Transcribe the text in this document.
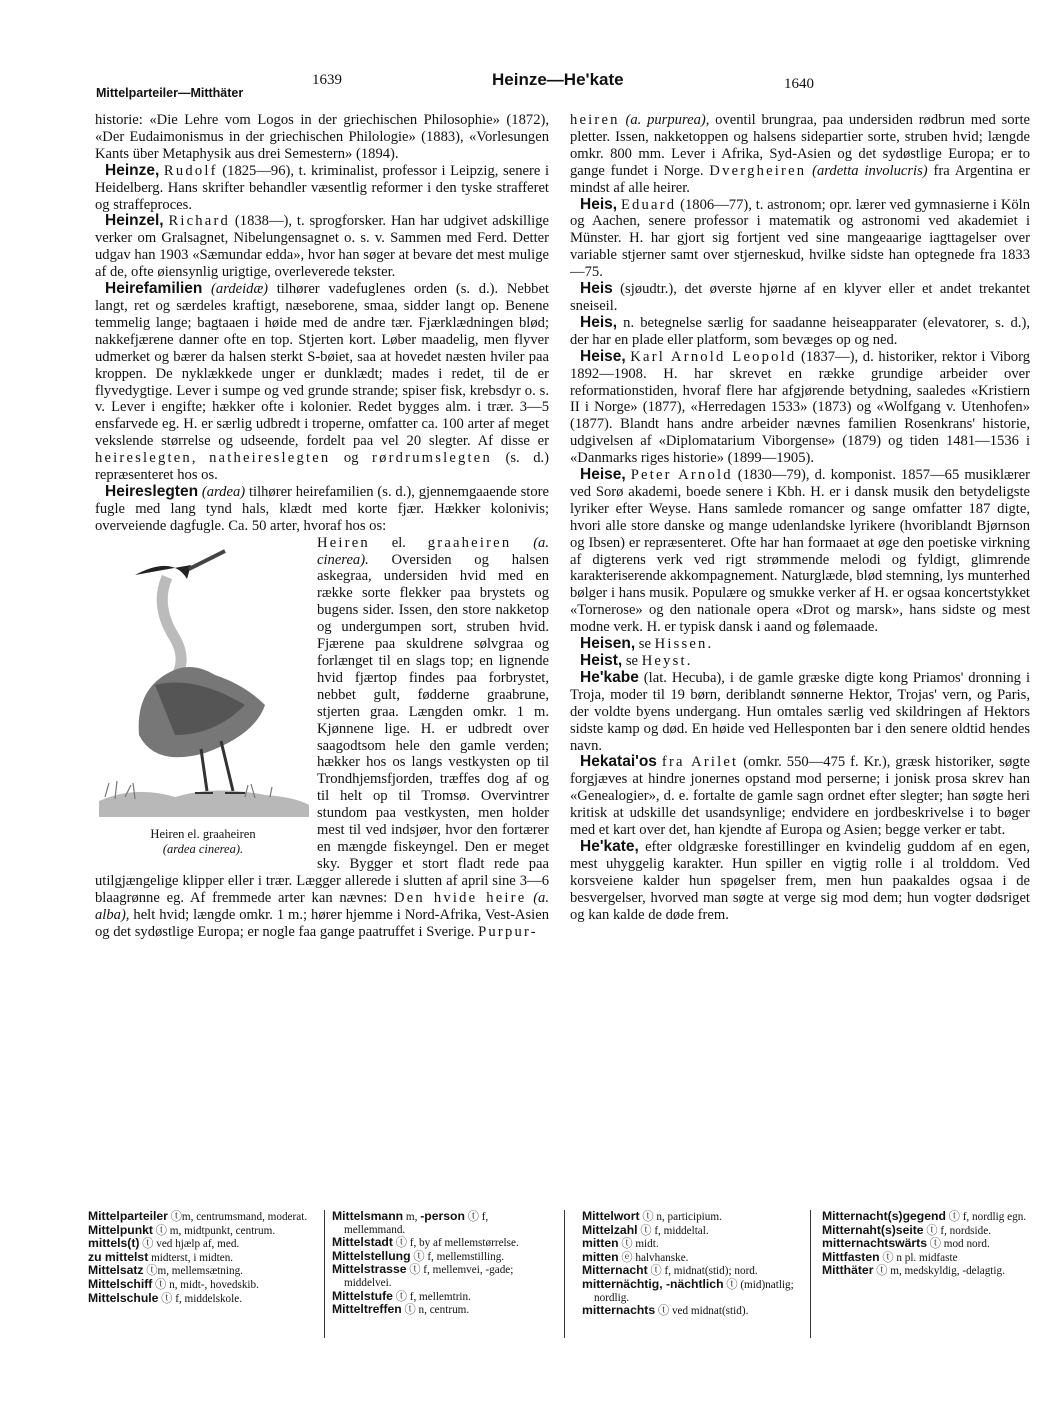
Mittelparteiler—Mitthäter
1639	Heinze—He'kate	1640

historie: «Die Lehre vom Logos in der griechischen Philosophie» (1872), «Der Eudaimonismus in der griechischen Philologie» (1883), «Vorlesungen Kants über Metaphysik aus drei Semestern» (1894).

Heinze, Rudolf (1825—96), t. kriminalist, professor i Leipzig, senere i Heidelberg. Hans skrifter behandler væsentlig reformer i den tyske strafferet og straffeproces.

Heinzel, Richard (1838—), t. sprogforsker. Han har udgivet adskillige verker om Gralsagnet, Nibelungensagnet o. s. v. Sammen med Ferd. Detter udgav han 1903 «Sæmundar edda», hvor han søger at bevare det mest mulige af de, ofte øiensynlig urigtige, overleverede tekster.

Heirefamilien (ardeidæ) tilhører vadefuglenes orden (s. d.). Nebbet langt, ret og særdeles kraftigt, næseborene, smaa, sidder langt op. Benene temmelig lange; bagtaaen i høide med de andre tær. Fjærklædningen blød; nakkefjærene danner ofte en top. Stjerten kort. Løber maadelig, men flyver udmerket og bærer da halsen sterkt S-bøiet, saa at hovedet næsten hviler paa kroppen. De nyklækkede unger er dunklædt; mades i redet, til de er flyvedygtige. Lever i sumpe og ved grunde strande; spiser fisk, krebsdyr o. s. v. Lever i engifte; hækker ofte i kolonier. Redet bygges alm. i trær. 3—5 ensfarvede eg. H. er særlig udbredt i troperne, omfatter ca. 100 arter af meget vekslende størrelse og udseende, fordelt paa vel 20 slegter. Af disse er heireslegten, natheireslegten og rørdrumslegten (s. d.) repræsenteret hos os.

Heireslegten (ardea) tilhører heirefamilien (s. d.), gjennemgaaende store fugle med lang tynd hals, klædt med korte fjær. Hækker kolonivis; overveiende dagfugle. Ca. 50 arter, hvoraf hos os:

Heiren el. graaheiren
(ardea cinerea).

Heiren el. graaheiren (a. cinerea). Oversiden og halsen askegraa, undersiden hvid med en række sorte flekker paa brystets og bugens sider. Issen, den store nakketop og undergumpen sort, struben hvid. Fjærene paa skuldrene sølvgraa og forlænget til en slags top; en lignende hvid fjærtop findes paa forbrystet, nebbet gult, fødderne graabrune, stjerten graa. Længden omkr. 1 m. Kjønnene lige. H. er udbredt over saagodtsom hele den gamle verden; hækker hos os langs vestkysten op til Trondhjemsfjorden, træffes dog af og til helt op til Tromsø. Overvintrer stundom paa vestkysten, men holder mest til ved indsjøer, hvor den fortærer en mængde fiskeyngel. Den er meget sky. Bygger et stort fladt rede paa utilgjængelige klipper eller i trær. Lægger allerede i slutten af april sine 3—6 blaagrønne eg. Af fremmede arter kan nævnes: Den hvide heire (a. alba), helt hvid; længde omkr. 1 m.; hører hjemme i Nord-Afrika, Vest-Asien og det sydøstlige Europa; er nogle faa gange paatruffet i Sverige. Purpur-

heiren (a. purpurea), oventil brungraa, paa undersiden rødbrun med sorte pletter. Issen, nakketoppen og halsens sidepartier sorte, struben hvid; længde omkr. 800 mm. Lever i Afrika, Syd-Asien og det sydøstlige Europa; er to gange fundet i Norge. Dvergheiren (ardetta involucris) fra Argentina er mindst af alle heirer.

Heis, Eduard (1806—77), t. astronom; opr. lærer ved gymnasierne i Köln og Aachen, senere professor i matematik og astronomi ved akademiet i Münster. H. har gjort sig fortjent ved sine mangeaarige iagttagelser over variable stjerner samt over stjerneskud, hvilke sidste han optegnede fra 1833—75.

Heis (sjøudtr.), det øverste hjørne af en klyver eller et andet trekantet sneiseil.

Heis, n. betegnelse særlig for saadanne heiseapparater (elevatorer, s. d.), der har en plade eller platform, som bevæges op og ned.

Heise, Karl Arnold Leopold (1837—), d. historiker, rektor i Viborg 1892—1908. H. har skrevet en række grundige arbeider over reformationstiden, hvoraf flere har afgjørende betydning, saaledes «Kristiern II i Norge» (1877), «Herredagen 1533» (1873) og «Wolfgang v. Utenhofen» (1877). Blandt hans andre arbeider nævnes familien Rosenkrans' historie, udgivelsen af «Diplomatarium Viborgense» (1879) og tiden 1481—1536 i «Danmarks riges historie» (1899—1905).

Heise, Peter Arnold (1830—79), d. komponist. 1857—65 musiklærer ved Sorø akademi, boede senere i Kbh. H. er i dansk musik den betydeligste lyriker efter Weyse. Hans samlede romancer og sange omfatter 187 digte, hvori alle store danske og mange udenlandske lyrikere (hvoriblandt Bjørnson og Ibsen) er repræsenteret. Ofte har han formaaet at øge den poetiske virkning af digterens verk ved rigt strømmende melodi og fyldigt, glimrende karakteriserende akkompagnement. Naturglæde, blød stemning, lys munterhed bølger i hans musik. Populære og smukke verker af H. er ogsaa koncertstykket «Tornerose» og den nationale opera «Drot og marsk», hans sidste og mest modne verk. H. er typisk dansk i aand og følemaade.

Heisen, se Hissen.

Heist, se Heyst.

He'kabe (lat. Hecuba), i de gamle græske digte kong Priamos' dronning i Troja, moder til 19 børn, deriblandt sønnerne Hektor, Trojas' vern, og Paris, der voldte byens undergang. Hun omtales særlig ved skildringen af Hektors sidste kamp og død. En høide ved Hellesponten bar i den senere oldtid hendes navn.

Hekatai'os fra Arilet (omkr. 550—475 f. Kr.), græsk historiker, søgte forgjæves at hindre jonernes opstand mod perserne; i jonisk prosa skrev han «Genealogier», d. e. fortalte de gamle sagn ordnet efter slegter; han søgte heri kritisk at udskille det usandsynlige; endvidere en jordbeskrivelse i to bøger med et kart over det, han kjendte af Europa og Asien; begge verker er tabt.

He'kate, efter oldgræske forestillinger en kvindelig guddom af en egen, mest uhyggelig karakter. Hun spiller en vigtig rolle i al trolddom. Ved korsveiene kalder hun spøgelser frem, men hun paakaldes ogsaa i de besvergelser, hvorved man søgte at verge sig mod dem; hun vogter dødsriget og kan kalde de døde frem.

Mittelparteiler ⓣm, centrumsmand, moderat.

Mittelpunkt ⓣ m, midtpunkt, centrum.

mittels(t) ⓣ ved hjælp af, med.

zu mittelst midterst, i midten.

Mittelsatz ⓣm, mellemsætning.

Mittelschiff ⓣ n, midt-, hovedskib.

Mittelschule ⓣ f, middelskole.

Mittelsmann m, -person ⓣ f, mellemmand.

Mittelstadt ⓣ f, by af mellemstørrelse.

Mittelstellung ⓣ f, mellemstilling.

Mittelstrasse ⓣ f, mellemvei, -gade; middelvei.

Mittelstufe ⓣ f, mellemtrin.

Mitteltreffen ⓣ n, centrum.

Mittelwort ⓣ n, participium.

Mittelzahl ⓣ f, middeltal.

mitten ⓣ midt.

mitten ⓔ halvhanske.

Mitternacht ⓣ f, midnat(stid); nord.

mitternächtig, -nächtlich ⓣ (mid)natlig; nordlig.

mitternachts ⓣ ved midnat(stid).

Mitternacht(s)gegend ⓣ f, nordlig egn.

Mitternaht(s)seite ⓣ f, nordside.

mitternachtswärts ⓣ mod nord.

Mittfasten ⓣ n pl. midfaste

Mitthäter ⓣ m, medskyldig, -delagtig.
